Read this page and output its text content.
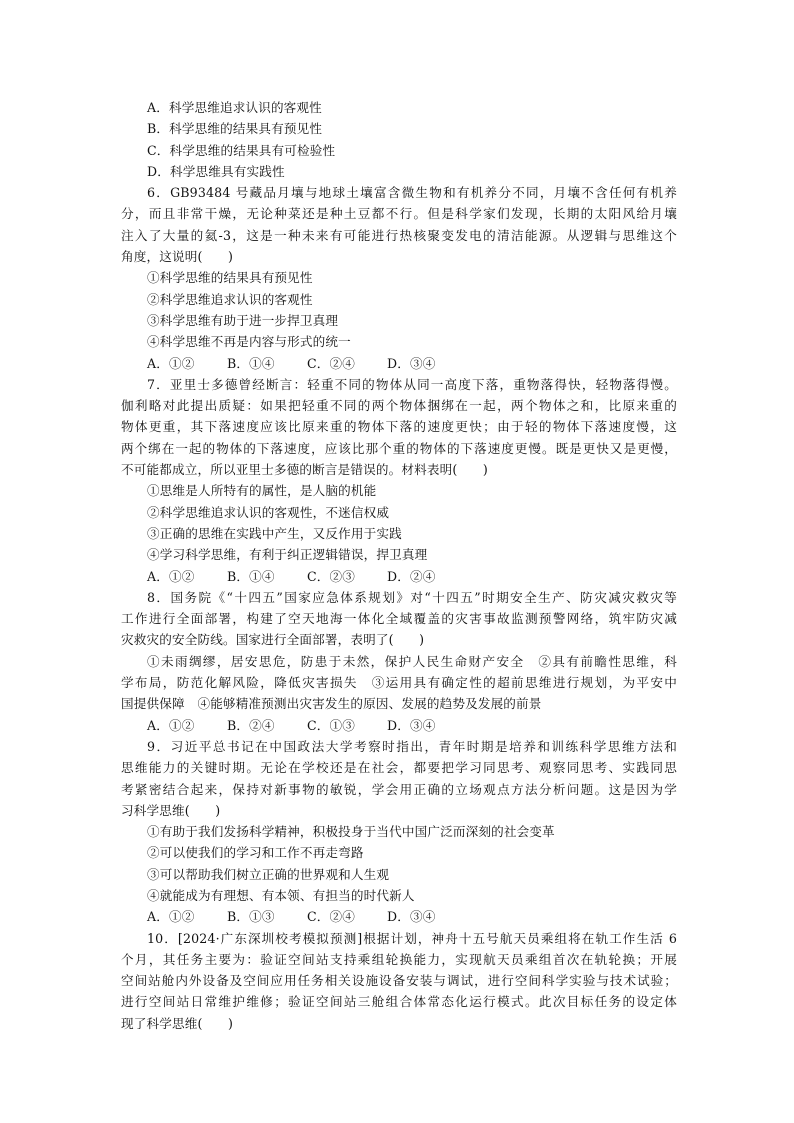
A．科学思维追求认识的客观性
B．科学思维的结果具有预见性
C．科学思维的结果具有可检验性
D．科学思维具有实践性
6．GB93484 号藏品月壤与地球土壤富含微生物和有机养分不同，月壤不含任何有机养
分，而且非常干燥，无论种菜还是种土豆都不行。但是科学家们发现，长期的太阳风给月壤
注入了大量的氦-3，这是一种未来有可能进行热核聚变发电的清洁能源。从逻辑与思维这个
角度，这说明(　　)
①科学思维的结果具有预见性
②科学思维追求认识的客观性
③科学思维有助于进一步捍卫真理
④科学思维不再是内容与形式的统一
A．①②	B．①④	C．②④	D．③④
7．亚里士多德曾经断言：轻重不同的物体从同一高度下落，重物落得快，轻物落得慢。
伽利略对此提出质疑：如果把轻重不同的两个物体捆绑在一起，两个物体之和，比原来重的
物体更重，其下落速度应该比原来重的物体下落的速度更快；由于轻的物体下落速度慢，这
两个绑在一起的物体的下落速度，应该比那个重的物体的下落速度更慢。既是更快又是更慢，
不可能都成立，所以亚里士多德的断言是错误的。材料表明(　　)
①思维是人所特有的属性，是人脑的机能
②科学思维追求认识的客观性，不迷信权威
③正确的思维在实践中产生，又反作用于实践
④学习科学思维，有利于纠正逻辑错误，捍卫真理
A．①②	B．①④	C．②③	D．②④
8．国务院《“十四五”国家应急体系规划》对“十四五”时期安全生产、防灾减灾救灾等
工作进行全面部署，构建了空天地海一体化全域覆盖的灾害事故监测预警网络，筑牢防灾减
灾救灾的安全防线。国家进行全面部署，表明了(　　)
①未雨绸缪，居安思危，防患于未然，保护人民生命财产安全　②具有前瞻性思维，科
学布局，防范化解风险，降低灾害损失　③运用具有确定性的超前思维进行规划，为平安中
国提供保障　④能够精准预测出灾害发生的原因、发展的趋势及发展的前景
A．①②	B．②④	C．①③	D．③④
9．习近平总书记在中国政法大学考察时指出，青年时期是培养和训练科学思维方法和
思维能力的关键时期。无论在学校还是在社会，都要把学习同思考、观察同思考、实践同思
考紧密结合起来，保持对新事物的敏锐，学会用正确的立场观点方法分析问题。这是因为学
习科学思维(　　)
①有助于我们发扬科学精神，积极投身于当代中国广泛而深刻的社会变革
②可以使我们的学习和工作不再走弯路
③可以帮助我们树立正确的世界观和人生观
④就能成为有理想、有本领、有担当的时代新人
A．①②	B．①③	C．②④	D．③④
10．[2024·广东深圳校考模拟预测]根据计划，神舟十五号航天员乘组将在轨工作生活 6
个月，其任务主要为：验证空间站支持乘组轮换能力，实现航天员乘组首次在轨轮换；开展
空间站舱内外设备及空间应用任务相关设施设备安装与调试，进行空间科学实验与技术试验；
进行空间站日常维护维修；验证空间站三舱组合体常态化运行模式。此次目标任务的设定体
现了科学思维(　　)
